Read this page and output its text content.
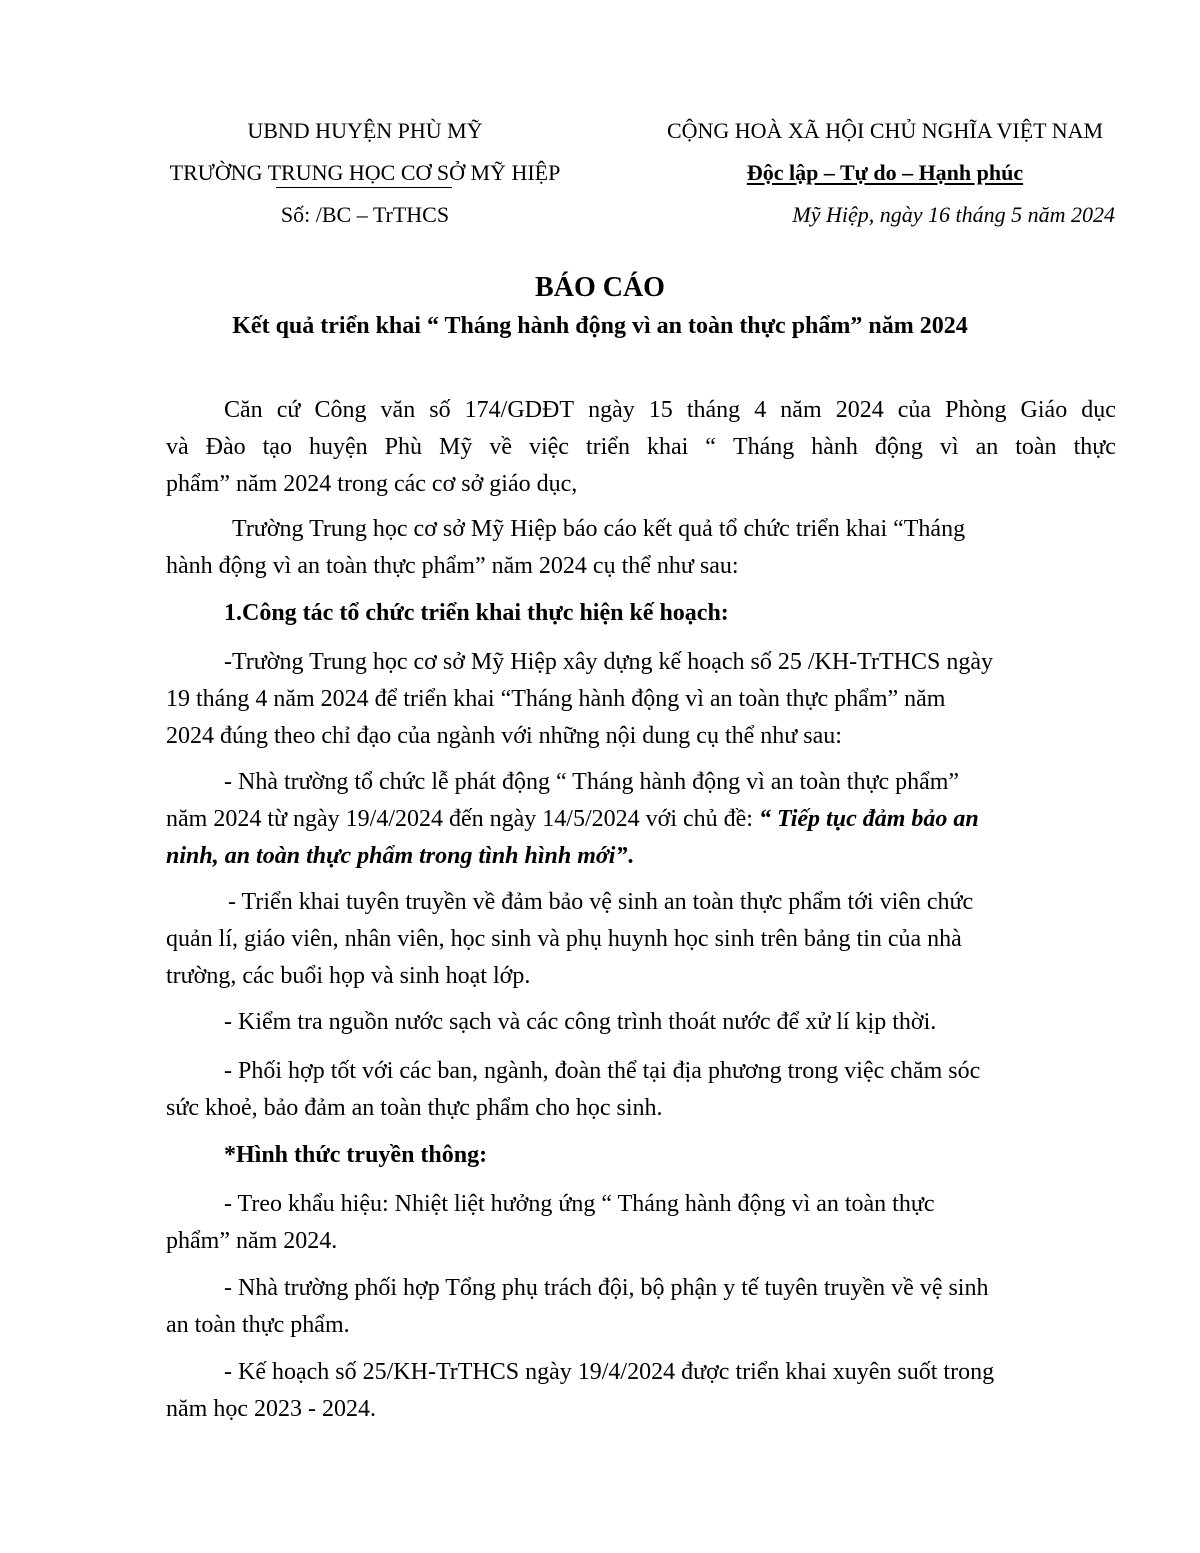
UBND HUYỆN PHÙ MỸ
TRƯỜNG TRUNG HỌC CƠ SỞ MỸ HIỆP
Số: /BC – TrTHCS
CỘNG HOÀ XÃ HỘI CHỦ NGHĨA VIỆT NAM
Độc lập – Tự do – Hạnh phúc
Mỹ Hiệp, ngày 16 tháng 5 năm 2024
BÁO CÁO
Kết quả triển khai “ Tháng hành động vì an toàn thực phẩm” năm 2024
Căn cứ Công văn số 174/GDĐT ngày 15 tháng 4 năm 2024 của Phòng Giáo dục
và Đào tạo huyện Phù Mỹ về việc triển khai “ Tháng hành động vì an toàn thực
phẩm” năm 2024 trong các cơ sở giáo dục,
Trường Trung học cơ sở Mỹ Hiệp báo cáo kết quả tổ chức triển khai “Tháng
hành động vì an toàn thực phẩm” năm 2024 cụ thể như sau:
1.Công tác tổ chức triển khai thực hiện kế hoạch:
-Trường Trung học cơ sở Mỹ Hiệp xây dựng kế hoạch số 25 /KH-TrTHCS ngày
19 tháng 4 năm 2024 để triển khai “Tháng hành động vì an toàn thực phẩm” năm
2024 đúng theo chỉ đạo của ngành với những nội dung cụ thể như sau:
- Nhà trường tổ chức lễ phát động “ Tháng hành động vì an toàn thực phẩm”
năm 2024 từ ngày 19/4/2024 đến ngày 14/5/2024 với chủ đề: “ Tiếp tục đảm bảo an
ninh, an toàn thực phẩm trong tình hình mới”.
- Triển khai tuyên truyền về đảm bảo vệ sinh an toàn thực phẩm tới viên chức
quản lí, giáo viên, nhân viên, học sinh và phụ huynh học sinh trên bảng tin của nhà
trường, các buổi họp và sinh hoạt lớp.
- Kiểm tra nguồn nước sạch và các công trình thoát nước để xử lí kịp thời.
- Phối hợp tốt với các ban, ngành, đoàn thể tại địa phương trong việc chăm sóc
sức khoẻ, bảo đảm an toàn thực phẩm cho học sinh.
*Hình thức truyền thông:
- Treo khẩu hiệu: Nhiệt liệt hưởng ứng “ Tháng hành động vì an toàn thực
phẩm” năm 2024.
- Nhà trường phối hợp Tổng phụ trách đội, bộ phận y tế tuyên truyền về vệ sinh
an toàn thực phẩm.
- Kế hoạch số 25/KH-TrTHCS ngày 19/4/2024 được triển khai xuyên suốt trong
năm học 2023 - 2024.
